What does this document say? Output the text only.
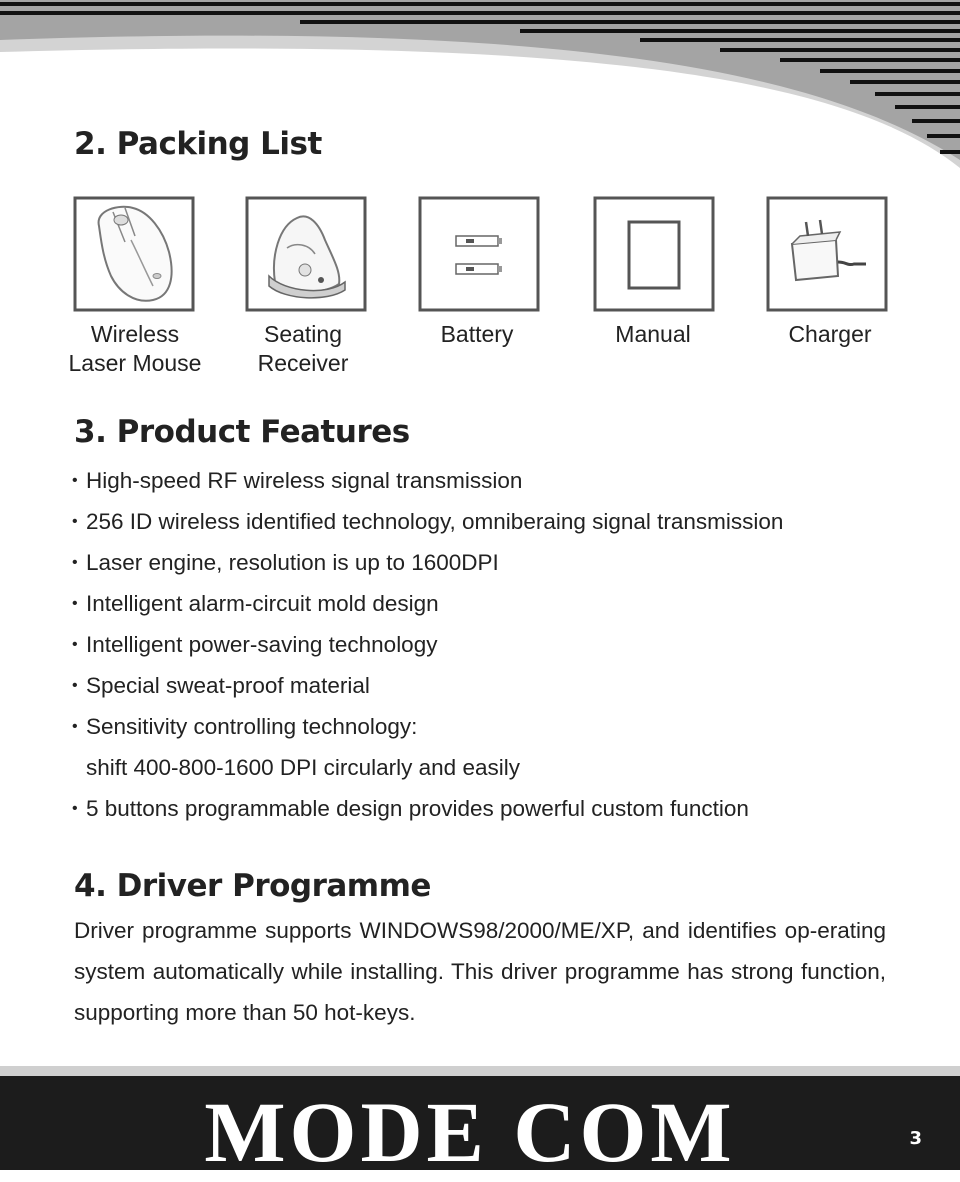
2. Packing List
Wireless
Laser Mouse
Seating
Receiver
Battery	Manual	Charger
3. Product Features
• High-speed RF wireless signal transmission
• 256 ID wireless identified technology, omniberaing signal transmission
• Laser engine, resolution is up to 1600DPI
• Intelligent alarm-circuit mold design
• Intelligent power-saving technology
• Special sweat-proof material
• Sensitivity controlling technology:
shift 400-800-1600 DPI circularly and easily
• 5 buttons programmable design provides powerful custom function
4. Driver Programme

Driver programme supports WINDOWS98/2000/ME/XP, and identifies op-erating system automatically while installing. This driver programme has strong function, supporting more than 50 hot-keys.

MODE COM	3
